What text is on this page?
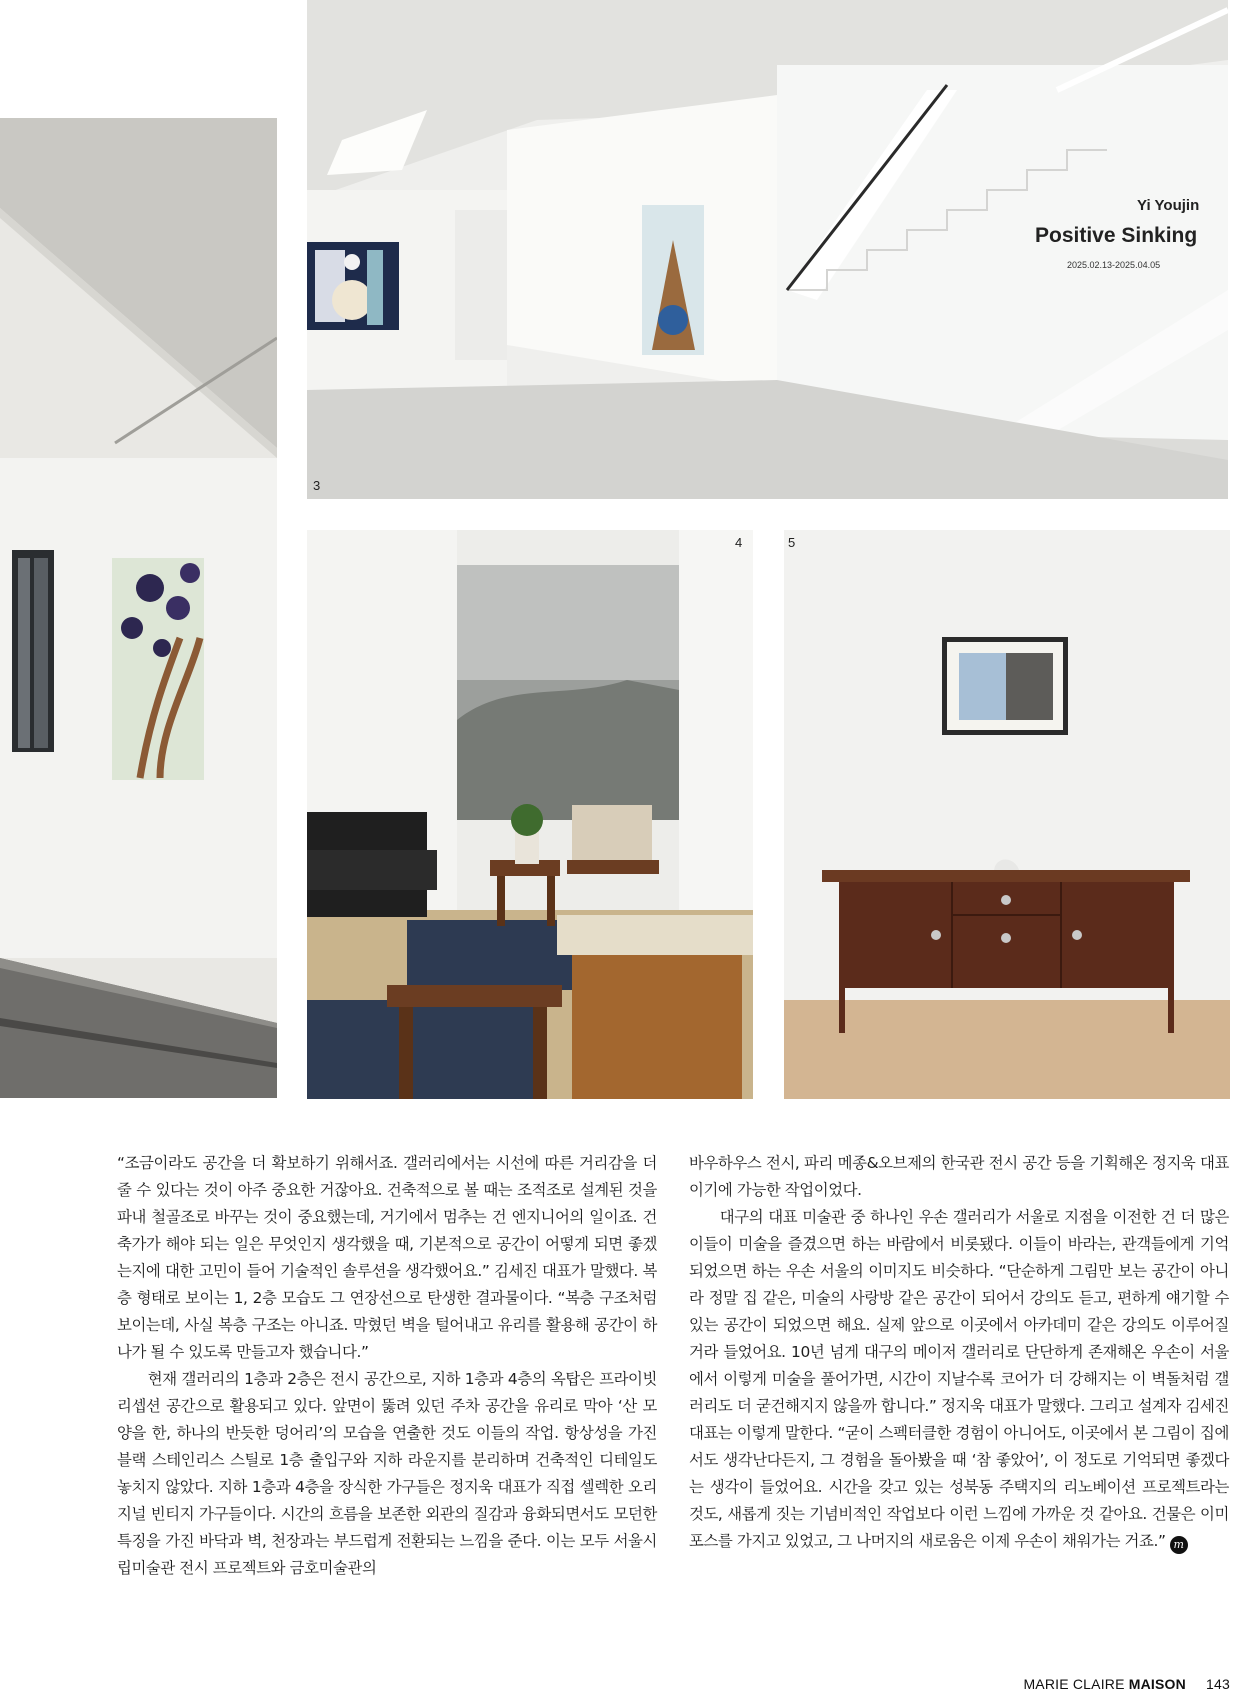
Yi Youjin
Positive Sinking
2025.02.13-2025.04.05
3
4	5

“조금이라도 공간을 더 확보하기 위해서죠. 갤러리에서는 시선에 따른 거리감을 더 줄 수 있다는 것이 아주 중요한 거잖아요. 건축적으로 볼 때는 조적조로 설계된 것을 파내 철골조로 바꾸는 것이 중요했는데, 거기에서 멈추는 건 엔지니어의 일이죠. 건축가가 해야 되는 일은 무엇인지 생각했을 때, 기본적으로 공간이 어떻게 되면 좋겠는지에 대한 고민이 들어 기술적인 솔루션을 생각했어요.” 김세진 대표가 말했다. 복층 형태로 보이는 1, 2층 모습도 그 연장선으로 탄생한 결과물이다. “복층 구조처럼 보이는데, 사실 복층 구조는 아니죠. 막혔던 벽을 털어내고 유리를 활용해 공간이 하나가 될 수 있도록 만들고자 했습니다.”

현재 갤러리의 1층과 2층은 전시 공간으로, 지하 1층과 4층의 옥탑은 프라이빗 리셉션 공간으로 활용되고 있다. 앞면이 뚫려 있던 주차 공간을 유리로 막아 ‘산 모양을 한, 하나의 반듯한 덩어리’의 모습을 연출한 것도 이들의 작업. 항상성을 가진 블랙 스테인리스 스틸로 1층 출입구와 지하 라운지를 분리하며 건축적인 디테일도 놓치지 않았다. 지하 1층과 4층을 장식한 가구들은 정지욱 대표가 직접 셀렉한 오리지널 빈티지 가구들이다. 시간의 흐름을 보존한 외관의 질감과 융화되면서도 모던한 특징을 가진 바닥과 벽, 천장과는 부드럽게 전환되는 느낌을 준다. 이는 모두 서울시립미술관 전시 프로젝트와 금호미술관의

바우하우스 전시, 파리 메종&오브제의 한국관 전시 공간 등을 기획해온 정지욱 대표이기에 가능한 작업이었다.

대구의 대표 미술관 중 하나인 우손 갤러리가 서울로 지점을 이전한 건 더 많은 이들이 미술을 즐겼으면 하는 바람에서 비롯됐다. 이들이 바라는, 관객들에게 기억되었으면 하는 우손 서울의 이미지도 비슷하다. “단순하게 그림만 보는 공간이 아니라 정말 집 같은, 미술의 사랑방 같은 공간이 되어서 강의도 듣고, 편하게 얘기할 수 있는 공간이 되었으면 해요. 실제 앞으로 이곳에서 아카데미 같은 강의도 이루어질 거라 들었어요. 10년 넘게 대구의 메이저 갤러리로 단단하게 존재해온 우손이 서울에서 이렇게 미술을 풀어가면, 시간이 지날수록 코어가 더 강해지는 이 벽돌처럼 갤러리도 더 굳건해지지 않을까 합니다.” 정지욱 대표가 말했다. 그리고 설계자 김세진 대표는 이렇게 말한다. “굳이 스펙터클한 경험이 아니어도, 이곳에서 본 그림이 집에서도 생각난다든지, 그 경험을 돌아봤을 때 ‘참 좋았어’, 이 정도로 기억되면 좋겠다는 생각이 들었어요. 시간을 갖고 있는 성북동 주택지의 리노베이션 프로젝트라는 것도, 새롭게 짓는 기념비적인 작업보다 이런 느낌에 가까운 것 같아요. 건물은 이미 포스를 가지고 있었고, 그 나머지의 새로움은 이제 우손이 채워가는 거죠.” m

MARIE CLAIRE MAISON 143
